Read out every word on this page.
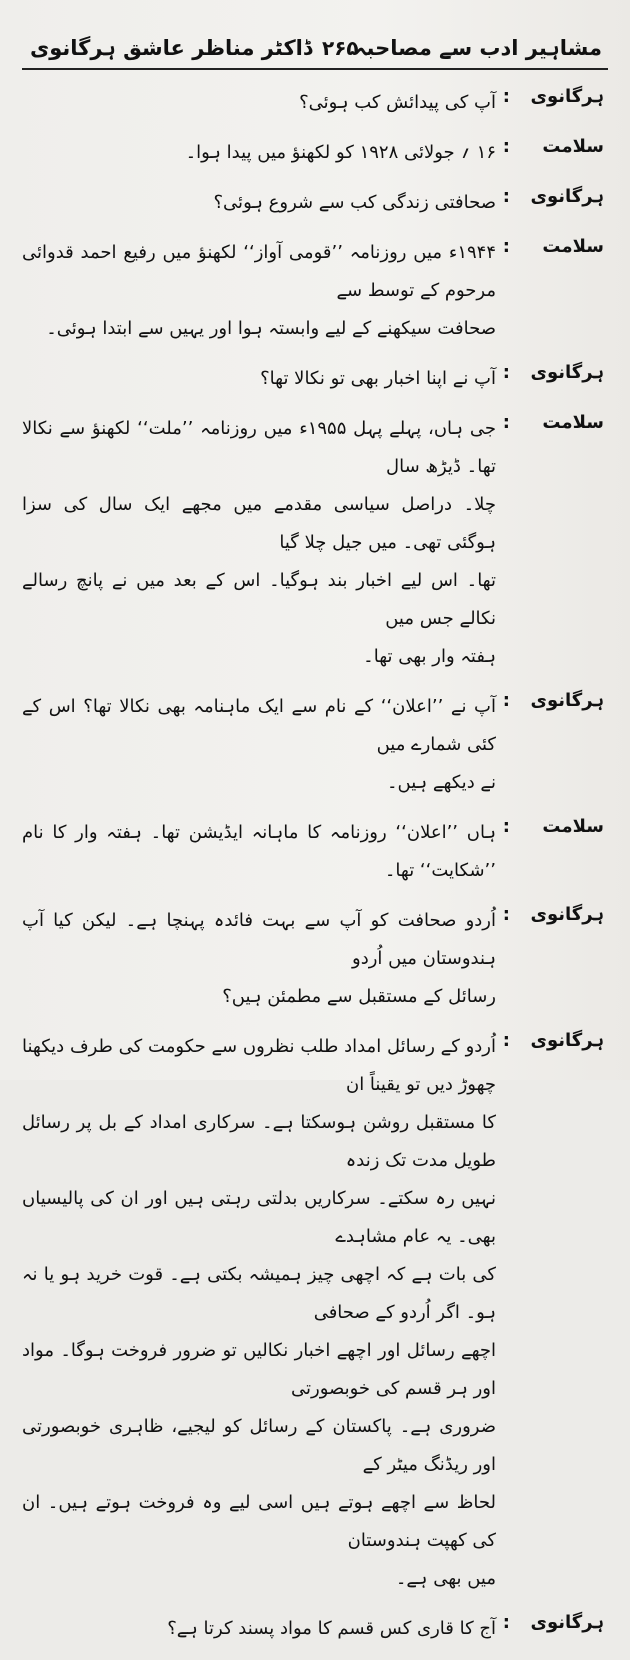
ڈاکٹر مناظر عاشق ہرگانوی ۲۶۵
مشاہیر ادب سے مصاحبہ
ہرگانوی
:
آپ کی پیدائش کب ہوئی؟
سلامت
:
۱۶ ؍ جولائی ۱۹۲۸ کو لکھنؤ میں پیدا ہوا۔
ہرگانوی
:
صحافتی زندگی کب سے شروع ہوئی؟
سلامت
:
۱۹۴۴ء میں روزنامہ ’’قومی آواز‘‘ لکھنؤ میں رفیع احمد قدوائی مرحوم کے توسط سے
صحافت سیکھنے کے لیے وابستہ ہوا اور یہیں سے ابتدا ہوئی۔
ہرگانوی
:
آپ نے اپنا اخبار بھی تو نکالا تھا؟
سلامت
:
جی ہاں، پہلے پہل ۱۹۵۵ء میں روزنامہ ’’ملت‘‘ لکھنؤ سے نکالا تھا۔ ڈیڑھ سال
چلا۔ دراصل سیاسی مقدمے میں مجھے ایک سال کی سزا ہوگئی تھی۔ میں جیل چلا گیا
تھا۔ اس لیے اخبار بند ہوگیا۔ اس کے بعد میں نے پانچ رسالے نکالے جس میں
ہفتہ وار بھی تھا۔
ہرگانوی
:
آپ نے ’’اعلان‘‘ کے نام سے ایک ماہنامہ بھی نکالا تھا؟ اس کے کئی شمارے میں
نے دیکھے ہیں۔
سلامت
:
ہاں ’’اعلان‘‘ روزنامہ کا ماہانہ ایڈیشن تھا۔ ہفتہ وار کا نام ’’شکایت‘‘ تھا۔
ہرگانوی
:
اُردو صحافت کو آپ سے بہت فائدہ پہنچا ہے۔ لیکن کیا آپ ہندوستان میں اُردو
رسائل کے مستقبل سے مطمئن ہیں؟
ہرگانوی
:
اُردو کے رسائل امداد طلب نظروں سے حکومت کی طرف دیکھنا چھوڑ دیں تو یقیناً ان
کا مستقبل روشن ہوسکتا ہے۔ سرکاری امداد کے بل پر رسائل طویل مدت تک زندہ
نہیں رہ سکتے۔ سرکاریں بدلتی رہتی ہیں اور ان کی پالیسیاں بھی۔ یہ عام مشاہدے
کی بات ہے کہ اچھی چیز ہمیشہ بکتی ہے۔ قوت خرید ہو یا نہ ہو۔ اگر اُردو کے صحافی
اچھے رسائل اور اچھے اخبار نکالیں تو ضرور فروخت ہوگا۔ مواد اور ہر قسم کی خوبصورتی
ضروری ہے۔ پاکستان کے رسائل کو لیجیے، ظاہری خوبصورتی اور ریڈنگ میٹر کے
لحاظ سے اچھے ہوتے ہیں اسی لیے وہ فروخت ہوتے ہیں۔ ان کی کھپت ہندوستان
میں بھی ہے۔
ہرگانوی
:
آج کا قاری کس قسم کا مواد پسند کرتا ہے؟
